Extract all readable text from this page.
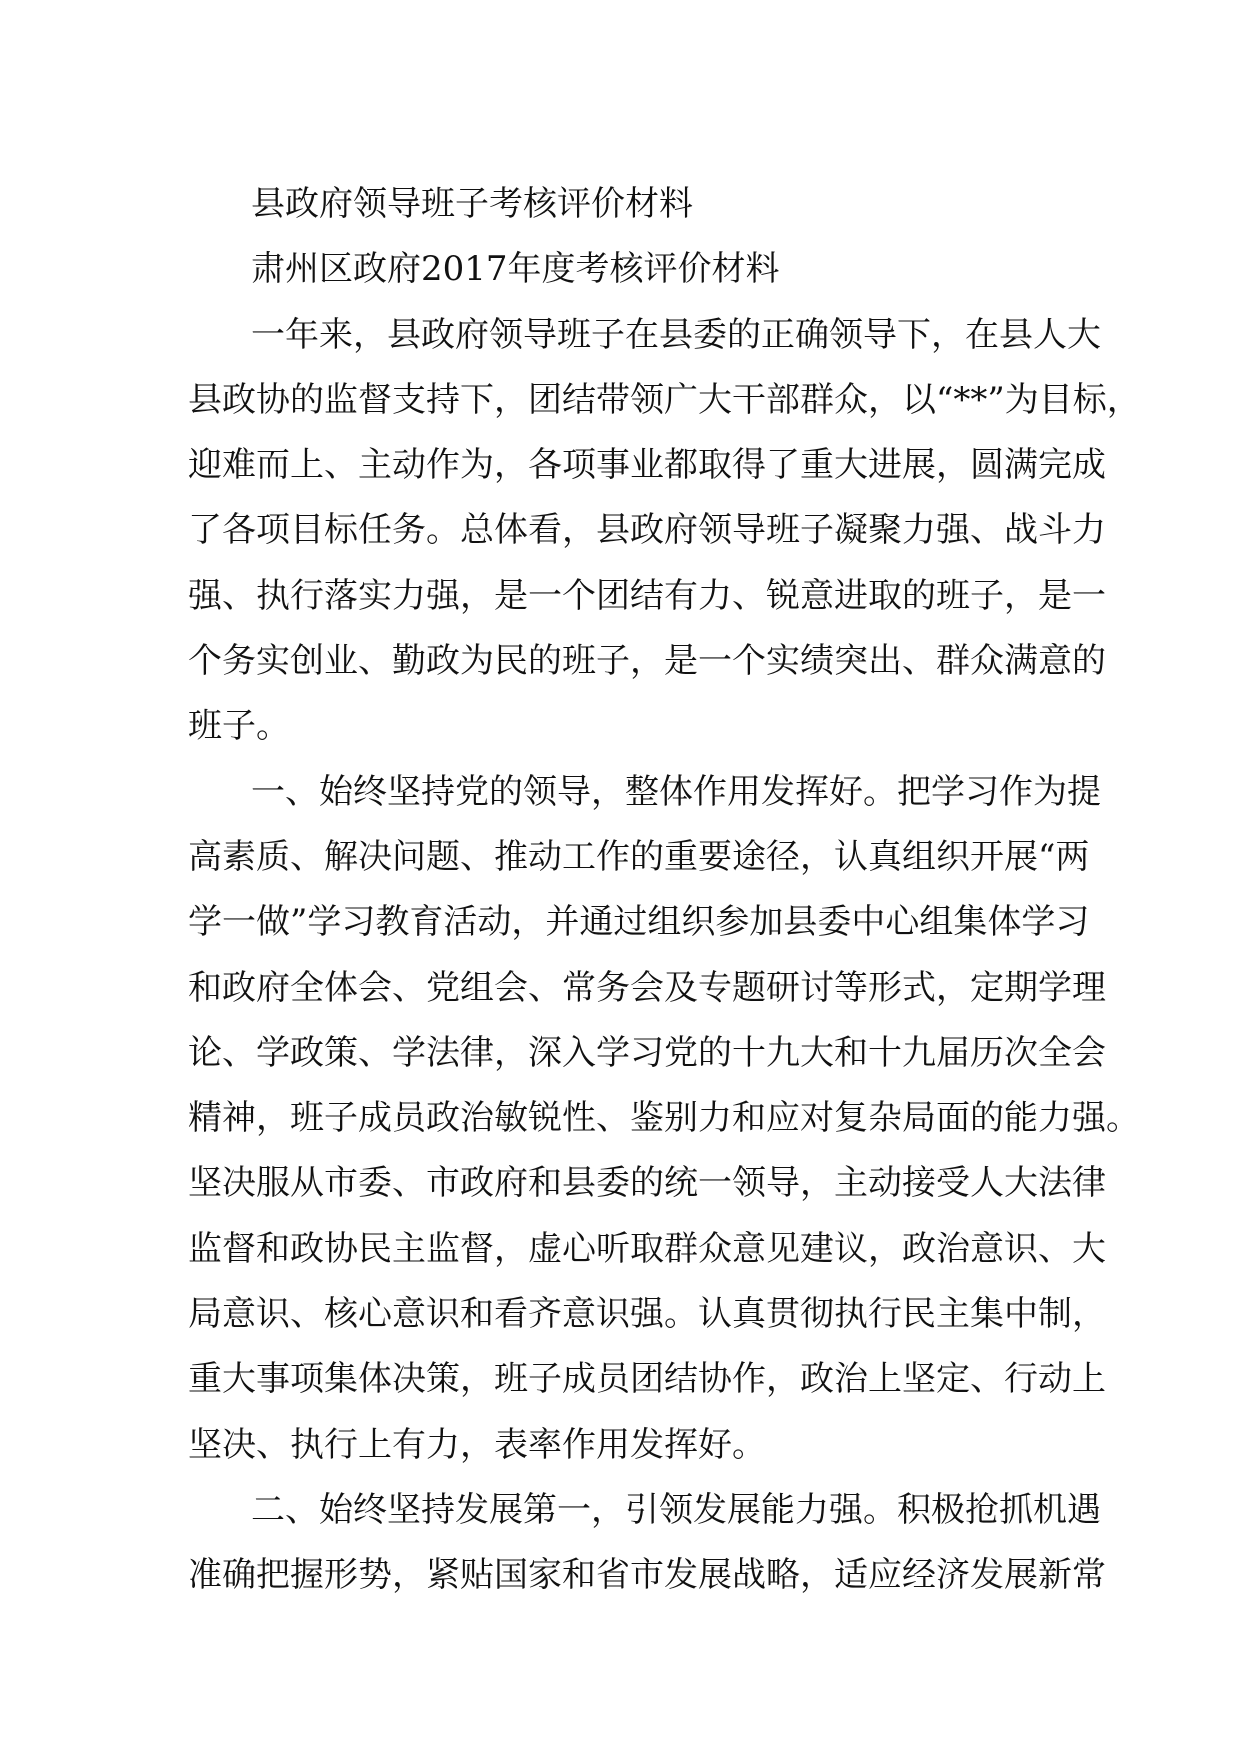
县政府领导班子考核评价材料

肃州区政府2017年度考核评价材料

一年来，县政府领导班子在县委的正确领导下，在县人大
县政协的监督支持下，团结带领广大干部群众，以“**”为目标，
迎难而上、主动作为，各项事业都取得了重大进展，圆满完成
了各项目标任务。总体看，县政府领导班子凝聚力强、战斗力
强、执行落实力强，是一个团结有力、锐意进取的班子，是一
个务实创业、勤政为民的班子，是一个实绩突出、群众满意的
班子。

一、始终坚持党的领导，整体作用发挥好。把学习作为提
高素质、解决问题、推动工作的重要途径，认真组织开展“两
学一做”学习教育活动，并通过组织参加县委中心组集体学习
和政府全体会、党组会、常务会及专题研讨等形式，定期学理
论、学政策、学法律，深入学习党的十九大和十九届历次全会
精神，班子成员政治敏锐性、鉴别力和应对复杂局面的能力强。
坚决服从市委、市政府和县委的统一领导，主动接受人大法律
监督和政协民主监督，虚心听取群众意见建议，政治意识、大
局意识、核心意识和看齐意识强。认真贯彻执行民主集中制，
重大事项集体决策，班子成员团结协作，政治上坚定、行动上
坚决、执行上有力，表率作用发挥好。

二、始终坚持发展第一，引领发展能力强。积极抢抓机遇
准确把握形势，紧贴国家和省市发展战略，适应经济发展新常
